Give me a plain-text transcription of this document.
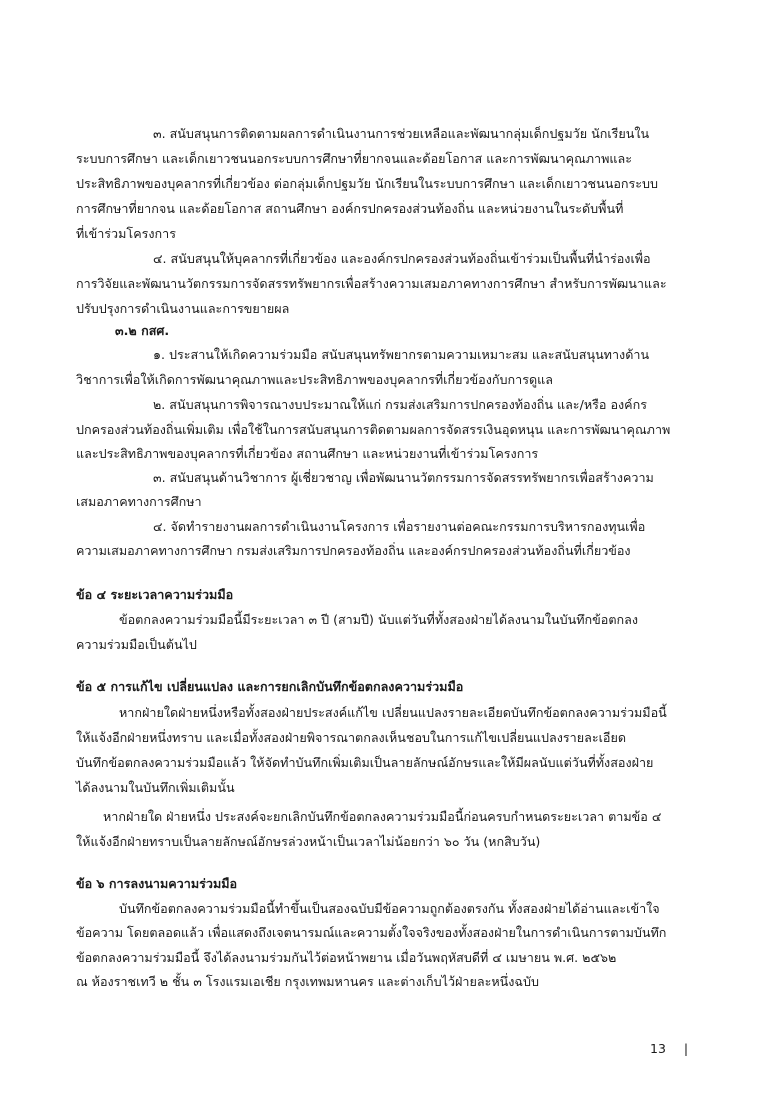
๓. สนับสนุนการติดตามผลการดำเนินงานการช่วยเหลือและพัฒนากลุ่มเด็กปฐมวัย นักเรียนใน
ระบบการศึกษา และเด็กเยาวชนนอกระบบการศึกษาที่ยากจนและด้อยโอกาส และการพัฒนาคุณภาพและ
ประสิทธิภาพของบุคลากรที่เกี่ยวข้อง ต่อกลุ่มเด็กปฐมวัย นักเรียนในระบบการศึกษา และเด็กเยาวชนนอกระบบ
การศึกษาที่ยากจน และด้อยโอกาส สถานศึกษา องค์กรปกครองส่วนท้องถิ่น และหน่วยงานในระดับพื้นที่
ที่เข้าร่วมโครงการ
๔. สนับสนุนให้บุคลากรที่เกี่ยวข้อง และองค์กรปกครองส่วนท้องถิ่นเข้าร่วมเป็นพื้นที่นำร่องเพื่อ
การวิจัยและพัฒนานวัตกรรมการจัดสรรทรัพยากรเพื่อสร้างความเสมอภาคทางการศึกษา สำหรับการพัฒนาและ
ปรับปรุงการดำเนินงานและการขยายผล
๓.๒ กสศ.
๑. ประสานให้เกิดความร่วมมือ สนับสนุนทรัพยากรตามความเหมาะสม และสนับสนุนทางด้าน
วิชาการเพื่อให้เกิดการพัฒนาคุณภาพและประสิทธิภาพของบุคลากรที่เกี่ยวข้องกับการดูแล
๒. สนับสนุนการพิจารณางบประมาณให้แก่ กรมส่งเสริมการปกครองท้องถิ่น และ/หรือ องค์กร
ปกครองส่วนท้องถิ่นเพิ่มเติม เพื่อใช้ในการสนับสนุนการติดตามผลการจัดสรรเงินอุดหนุน และการพัฒนาคุณภาพ
และประสิทธิภาพของบุคลากรที่เกี่ยวข้อง สถานศึกษา และหน่วยงานที่เข้าร่วมโครงการ
๓. สนับสนุนด้านวิชาการ ผู้เชี่ยวชาญ เพื่อพัฒนานวัตกรรมการจัดสรรทรัพยากรเพื่อสร้างความ
เสมอภาคทางการศึกษา
๔. จัดทำรายงานผลการดำเนินงานโครงการ เพื่อรายงานต่อคณะกรรมการบริหารกองทุนเพื่อ
ความเสมอภาคทางการศึกษา กรมส่งเสริมการปกครองท้องถิ่น และองค์กรปกครองส่วนท้องถิ่นที่เกี่ยวข้อง
ข้อ ๔ ระยะเวลาความร่วมมือ
ข้อตกลงความร่วมมือนี้มีระยะเวลา ๓ ปี (สามปี) นับแต่วันที่ทั้งสองฝ่ายได้ลงนามในบันทึกข้อตกลง
ความร่วมมือเป็นต้นไป
ข้อ ๕ การแก้ไข เปลี่ยนแปลง และการยกเลิกบันทึกข้อตกลงความร่วมมือ
หากฝ่ายใดฝ่ายหนึ่งหรือทั้งสองฝ่ายประสงค์แก้ไข เปลี่ยนแปลงรายละเอียดบันทึกข้อตกลงความร่วมมือนี้
ให้แจ้งอีกฝ่ายหนึ่งทราบ และเมื่อทั้งสองฝ่ายพิจารณาตกลงเห็นชอบในการแก้ไขเปลี่ยนแปลงรายละเอียด
บันทึกข้อตกลงความร่วมมือแล้ว ให้จัดทำบันทึกเพิ่มเติมเป็นลายลักษณ์อักษรและให้มีผลนับแต่วันที่ทั้งสองฝ่าย
ได้ลงนามในบันทึกเพิ่มเติมนั้น
หากฝ่ายใด ฝ่ายหนึ่ง ประสงค์จะยกเลิกบันทึกข้อตกลงความร่วมมือนี้ก่อนครบกำหนดระยะเวลา ตามข้อ ๔
ให้แจ้งอีกฝ่ายทราบเป็นลายลักษณ์อักษรล่วงหน้าเป็นเวลาไม่น้อยกว่า ๖๐ วัน (หกสิบวัน)
ข้อ ๖ การลงนามความร่วมมือ
บันทึกข้อตกลงความร่วมมือนี้ทำขึ้นเป็นสองฉบับมีข้อความถูกต้องตรงกัน ทั้งสองฝ่ายได้อ่านและเข้าใจ
ข้อความ โดยตลอดแล้ว เพื่อแสดงถึงเจตนารมณ์และความตั้งใจจริงของทั้งสองฝ่ายในการดำเนินการตามบันทึก
ข้อตกลงความร่วมมือนี้ จึงได้ลงนามร่วมกันไว้ต่อหน้าพยาน เมื่อวันพฤหัสบดีที่ ๔ เมษายน พ.ศ. ๒๕๖๒
ณ ห้องราชเทวี ๒ ชั้น ๓ โรงแรมเอเชีย กรุงเทพมหานคร และต่างเก็บไว้ฝ่ายละหนึ่งฉบับ
13 |
